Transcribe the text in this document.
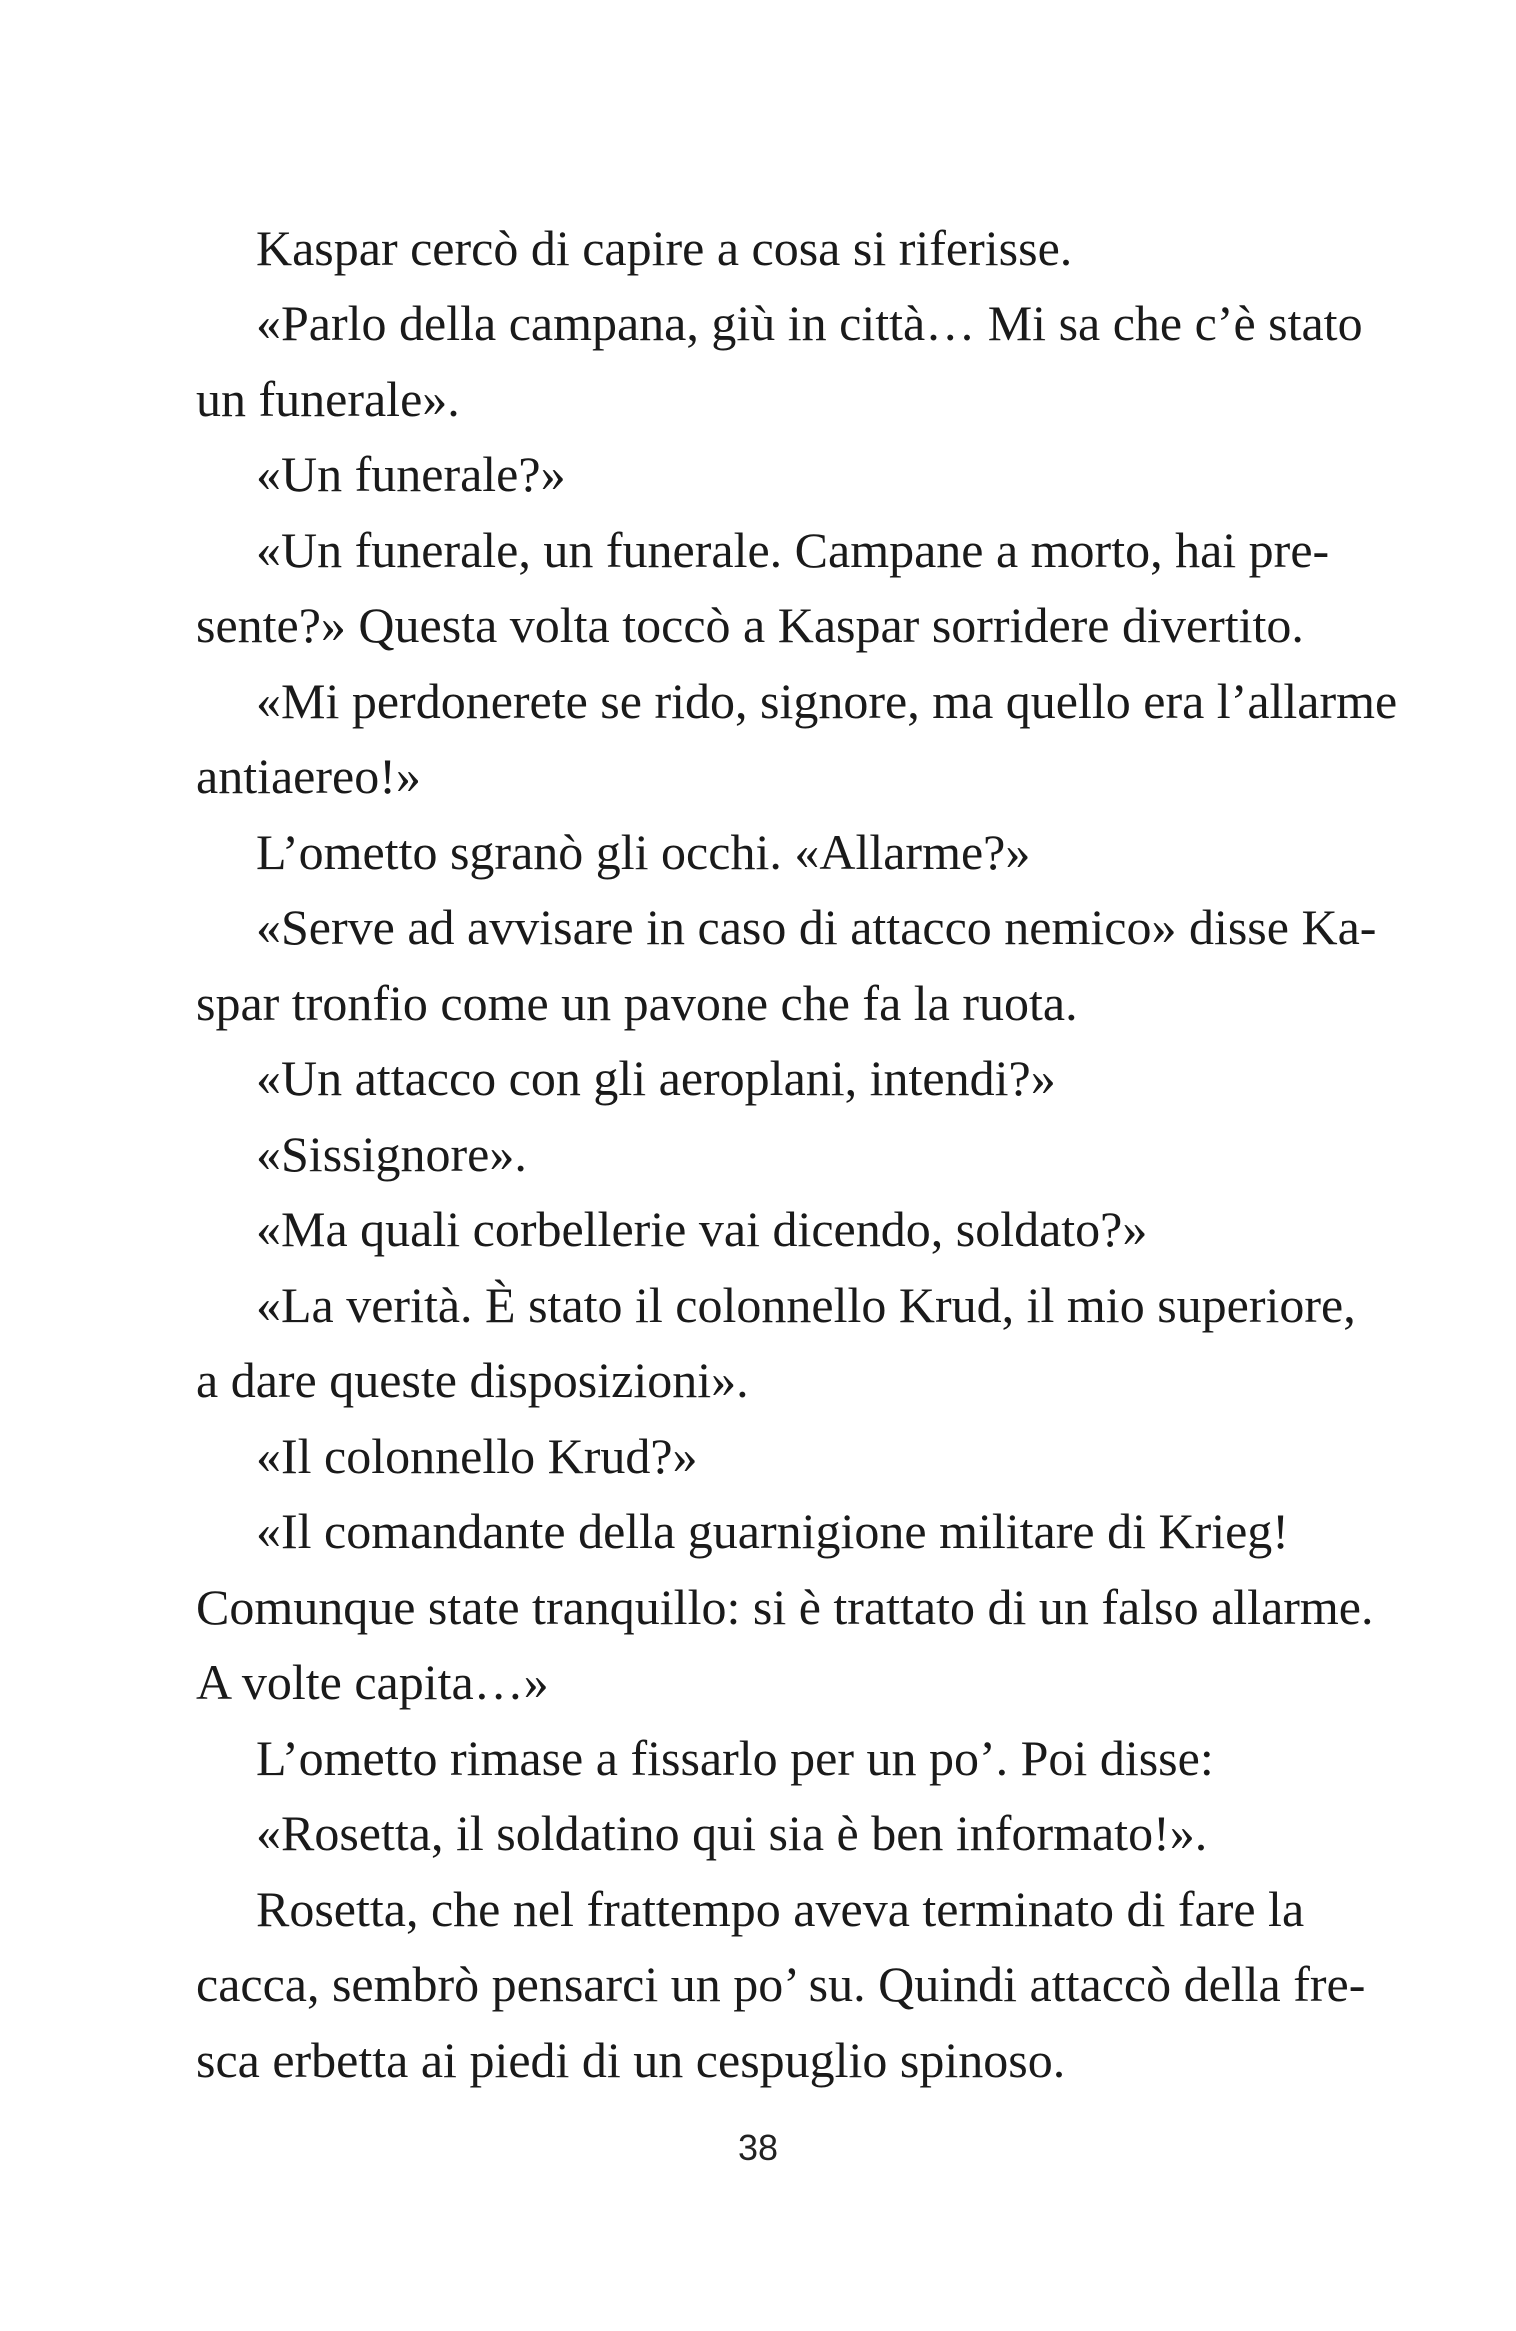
Kaspar cercò di capire a cosa si riferisse.

«Parlo della campana, giù in città… Mi sa che c’è stato

un funerale».

«Un funerale?»

«Un funerale, un funerale. Campane a morto, hai pre-

sente?» Questa volta toccò a Kaspar sorridere divertito.

«Mi perdonerete se rido, signore, ma quello era l’allarme

antiaereo!»

L’ometto sgranò gli occhi. «Allarme?»

«Serve ad avvisare in caso di attacco nemico» disse Ka-

spar tronfio come un pavone che fa la ruota.

«Un attacco con gli aeroplani, intendi?»

«Sissignore».

«Ma quali corbellerie vai dicendo, soldato?»

«La verità. È stato il colonnello Krud, il mio superiore,

a dare queste disposizioni».

«Il colonnello Krud?»

«Il comandante della guarnigione militare di Krieg!

Comunque state tranquillo: si è trattato di un falso allarme.

A volte capita…»

L’ometto rimase a fissarlo per un po’. Poi disse:

«Rosetta, il soldatino qui sia è ben informato!».

Rosetta, che nel frattempo aveva terminato di fare la

cacca, sembrò pensarci un po’ su. Quindi attaccò della fre-

sca erbetta ai piedi di un cespuglio spinoso.

38
